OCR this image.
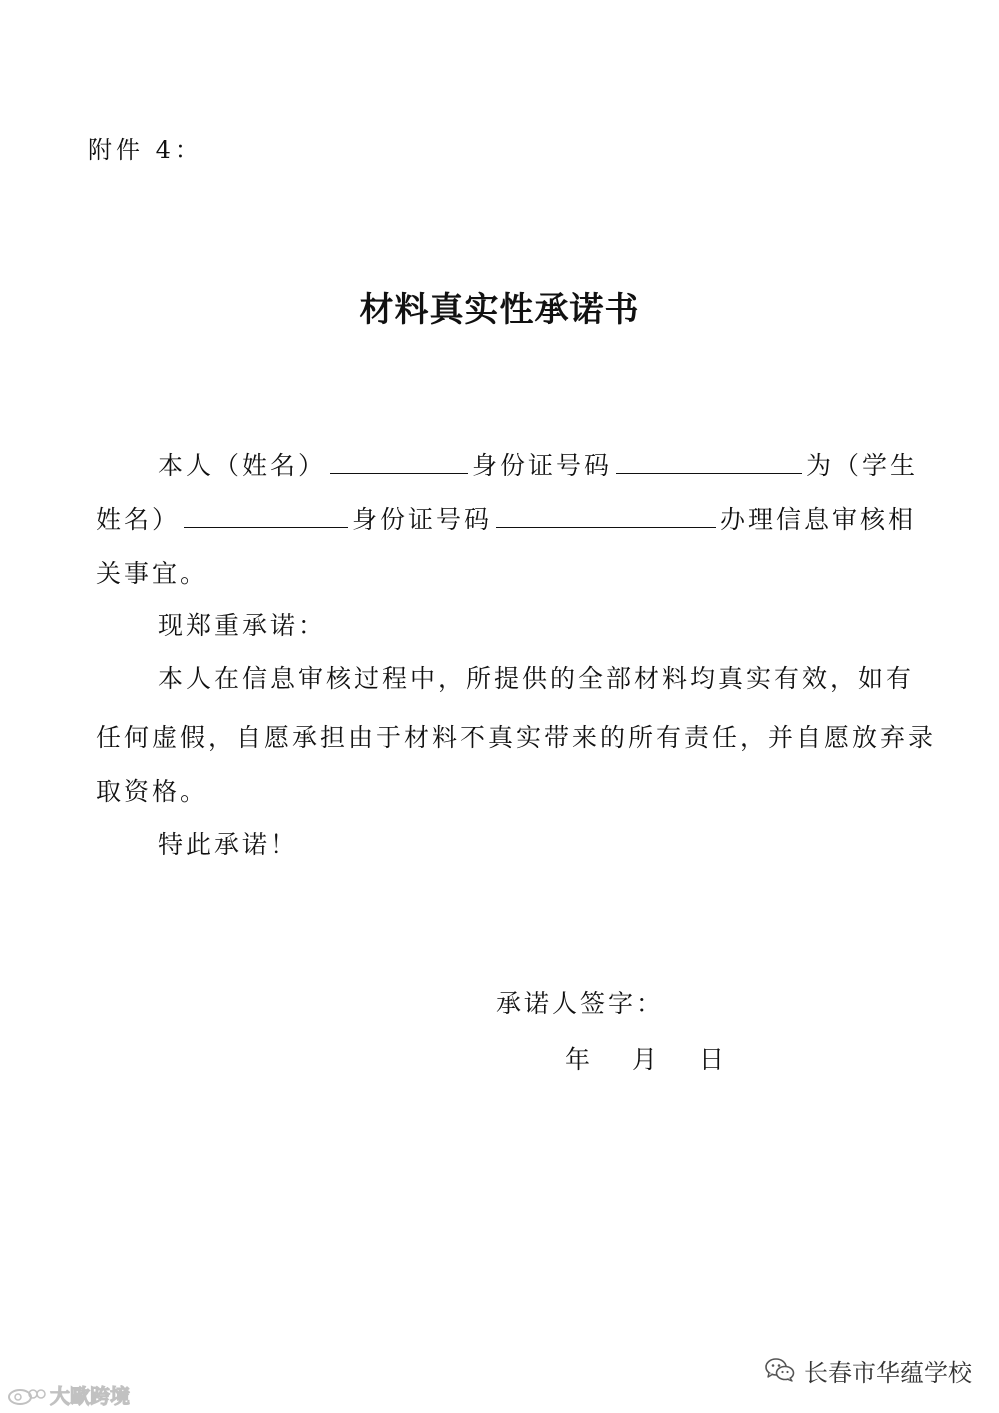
附件 4：
材料真实性承诺书
本人（姓名）	身份证号码	为（学生
姓名）	身份证号码	办理信息审核相
关事宜。
现郑重承诺：
本人在信息审核过程中，所提供的全部材料均真实有效，如有
任何虚假，自愿承担由于材料不真实带来的所有责任，并自愿放弃录
取资格。
特此承诺！
承诺人签字：
年 月 日
大歐跨境
长春市华蕴学校
